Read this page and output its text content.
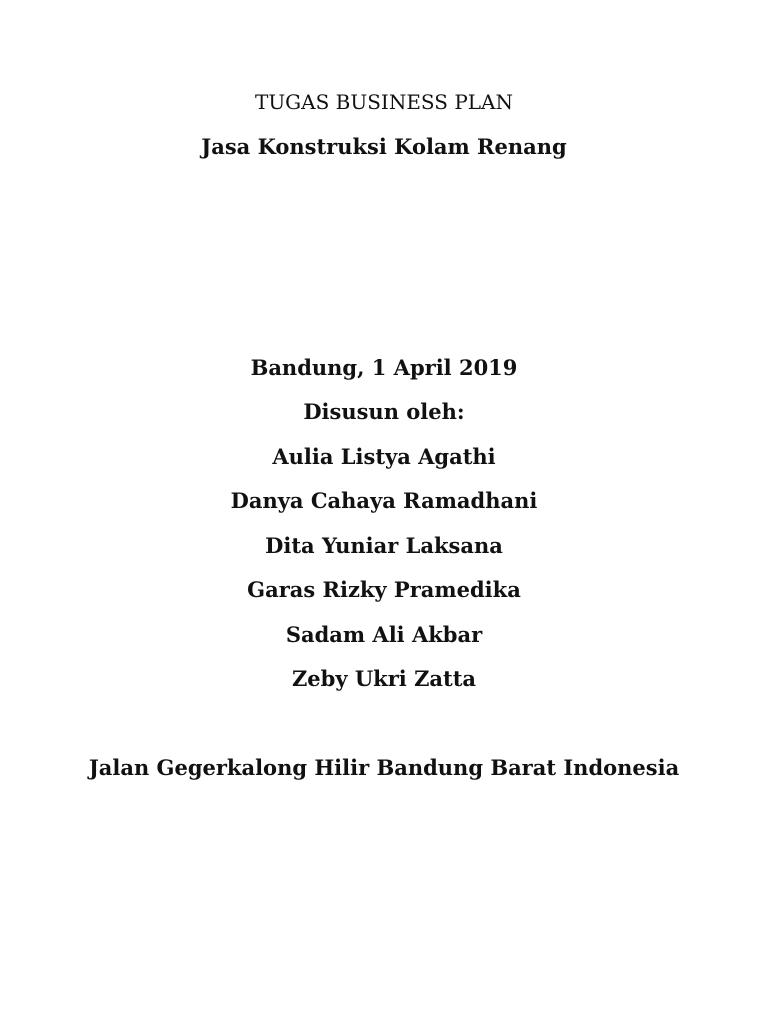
TUGAS BUSINESS PLAN
Jasa Konstruksi Kolam Renang
Bandung, 1 April 2019
Disusun oleh:
Aulia Listya Agathi
Danya Cahaya Ramadhani
Dita Yuniar Laksana
Garas Rizky Pramedika
Sadam Ali Akbar
Zeby Ukri Zatta
Jalan Gegerkalong Hilir Bandung Barat Indonesia
